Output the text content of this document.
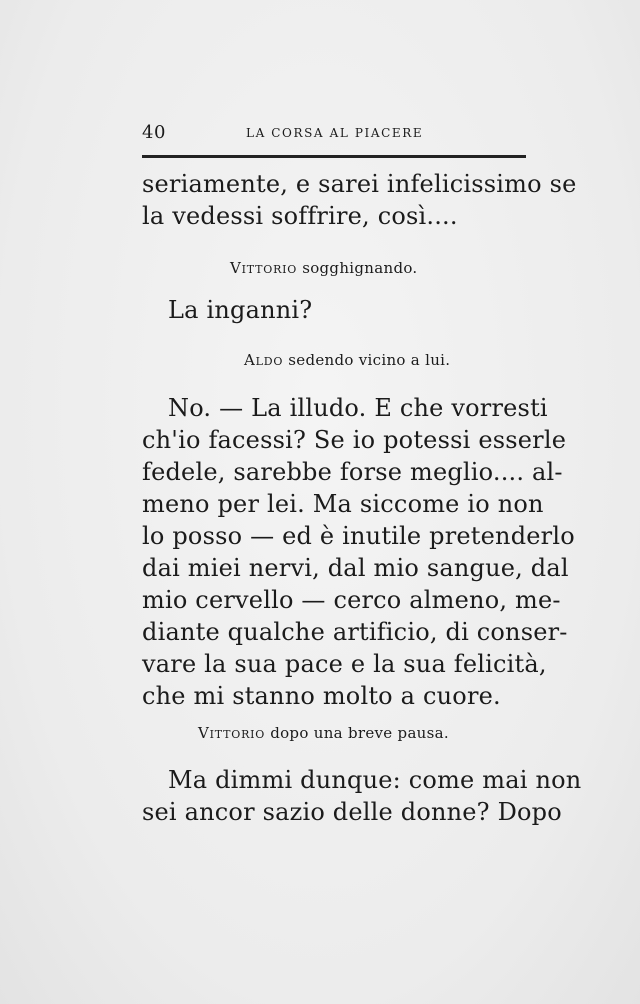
40	LA CORSA AL PIACERE
seriamente, e sarei infelicissimo se
la vedessi soffrire, così....
Vittorio sogghignando.
La inganni?
Aldo sedendo vicino a lui.
No. — La illudo. E che vorresti
ch'io facessi? Se io potessi esserle
fedele, sarebbe forse meglio.... al-
meno per lei. Ma siccome io non
lo posso — ed è inutile pretenderlo
dai miei nervi, dal mio sangue, dal
mio cervello — cerco almeno, me-
diante qualche artificio, di conser-
vare la sua pace e la sua felicità,
che mi stanno molto a cuore.
Vittorio dopo una breve pausa.
Ma dimmi dunque: come mai non
sei ancor sazio delle donne? Dopo
